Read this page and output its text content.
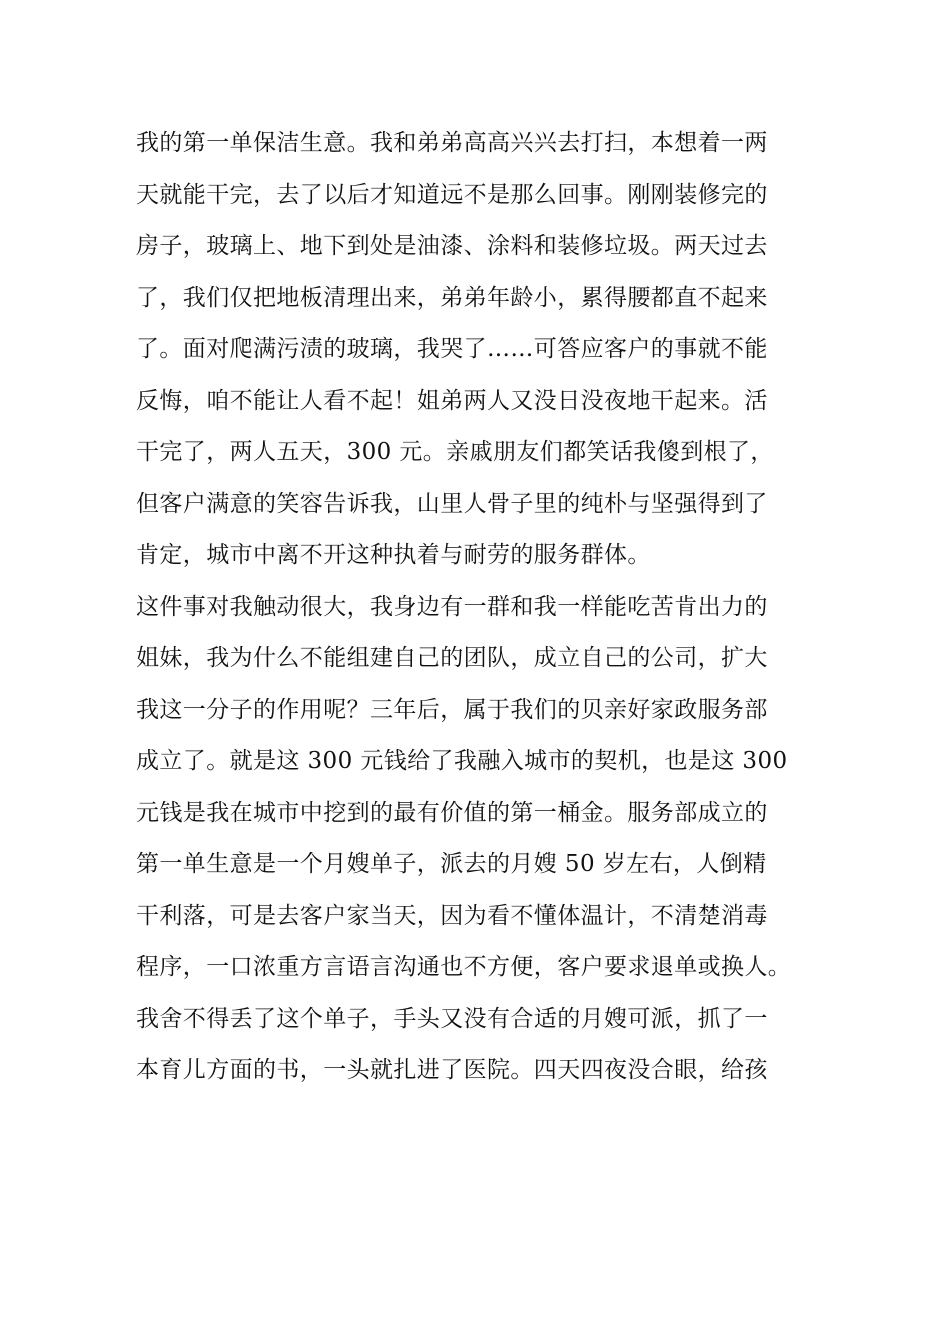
我的第一单保洁生意。我和弟弟高高兴兴去打扫，本想着一两
天就能干完，去了以后才知道远不是那么回事。刚刚装修完的
房子，玻璃上、地下到处是油漆、涂料和装修垃圾。两天过去
了，我们仅把地板清理出来，弟弟年龄小，累得腰都直不起来
了。面对爬满污渍的玻璃，我哭了……可答应客户的事就不能
反悔，咱不能让人看不起！姐弟两人又没日没夜地干起来。活
干完了，两人五天，300 元。亲戚朋友们都笑话我傻到根了，
但客户满意的笑容告诉我，山里人骨子里的纯朴与坚强得到了
肯定，城市中离不开这种执着与耐劳的服务群体。
这件事对我触动很大，我身边有一群和我一样能吃苦肯出力的
姐妹，我为什么不能组建自己的团队，成立自己的公司，扩大
我这一分子的作用呢？三年后，属于我们的贝亲好家政服务部
成立了。就是这 300 元钱给了我融入城市的契机，也是这 300
元钱是我在城市中挖到的最有价值的第一桶金。服务部成立的
第一单生意是一个月嫂单子，派去的月嫂 50 岁左右，人倒精
干利落，可是去客户家当天，因为看不懂体温计，不清楚消毒
程序，一口浓重方言语言沟通也不方便，客户要求退单或换人。
我舍不得丢了这个单子，手头又没有合适的月嫂可派，抓了一
本育儿方面的书，一头就扎进了医院。四天四夜没合眼，给孩
